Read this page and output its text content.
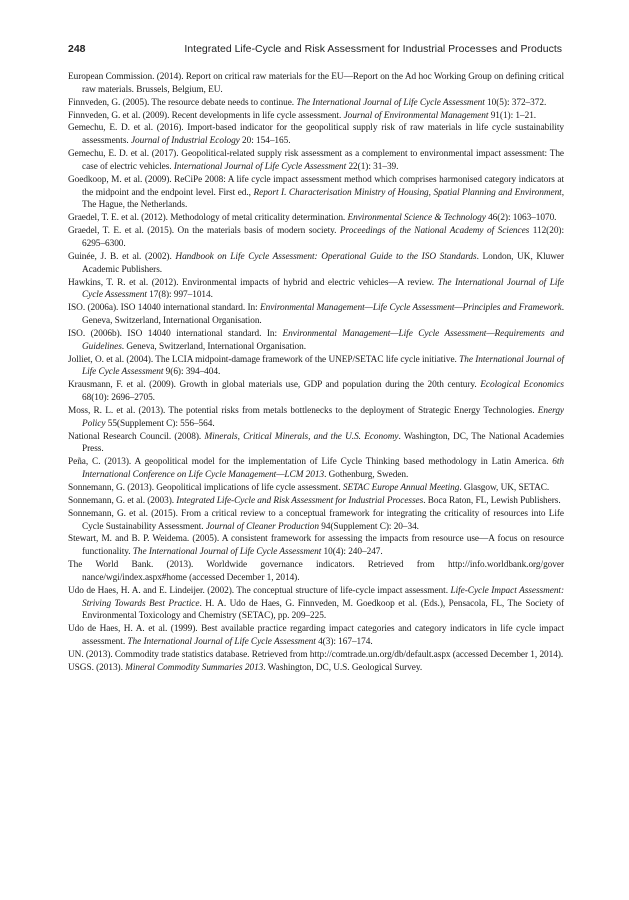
248	Integrated Life-Cycle and Risk Assessment for Industrial Processes and Products

European Commission. (2014). Report on critical raw materials for the EU—Report on the Ad hoc Working Group on defining critical raw materials. Brussels, Belgium, EU.

Finnveden, G. (2005). The resource debate needs to continue. The International Journal of Life Cycle Assessment 10(5): 372–372.

Finnveden, G. et al. (2009). Recent developments in life cycle assessment. Journal of Environmental Management 91(1): 1–21.

Gemechu, E. D. et al. (2016). Import-based indicator for the geopolitical supply risk of raw materials in life cycle sustainability assessments. Journal of Industrial Ecology 20: 154–165.

Gemechu, E. D. et al. (2017). Geopolitical-related supply risk assessment as a complement to environmental impact assessment: The case of electric vehicles. International Journal of Life Cycle Assessment 22(1): 31–39.

Goedkoop, M. et al. (2009). ReCiPe 2008: A life cycle impact assessment method which comprises harmonised category indicators at the midpoint and the endpoint level. First ed., Report I. Characterisation Ministry of Housing, Spatial Planning and Environment, The Hague, the Netherlands.

Graedel, T. E. et al. (2012). Methodology of metal criticality determination. Environmental Science & Technology 46(2): 1063–1070.

Graedel, T. E. et al. (2015). On the materials basis of modern society. Proceedings of the National Academy of Sciences 112(20): 6295–6300.

Guinée, J. B. et al. (2002). Handbook on Life Cycle Assessment: Operational Guide to the ISO Standards. London, UK, Kluwer Academic Publishers.

Hawkins, T. R. et al. (2012). Environmental impacts of hybrid and electric vehicles—A review. The International Journal of Life Cycle Assessment 17(8): 997–1014.

ISO. (2006a). ISO 14040 international standard. In: Environmental Management—Life Cycle Assessment—Principles and Framework. Geneva, Switzerland, International Organisation.

ISO. (2006b). ISO 14040 international standard. In: Environmental Management—Life Cycle Assessment—Requirements and Guidelines. Geneva, Switzerland, International Organisation.

Jolliet, O. et al. (2004). The LCIA midpoint-damage framework of the UNEP/SETAC life cycle initiative. The International Journal of Life Cycle Assessment 9(6): 394–404.

Krausmann, F. et al. (2009). Growth in global materials use, GDP and population during the 20th century. Ecological Economics 68(10): 2696–2705.

Moss, R. L. et al. (2013). The potential risks from metals bottlenecks to the deployment of Strategic Energy Technologies. Energy Policy 55(Supplement C): 556–564.

National Research Council. (2008). Minerals, Critical Minerals, and the U.S. Economy. Washington, DC, The National Academies Press.

Peña, C. (2013). A geopolitical model for the implementation of Life Cycle Thinking based methodology in Latin America. 6th International Conference on Life Cycle Management—LCM 2013. Gothenburg, Sweden.

Sonnemann, G. (2013). Geopolitical implications of life cycle assessment. SETAC Europe Annual Meeting. Glasgow, UK, SETAC.

Sonnemann, G. et al. (2003). Integrated Life-Cycle and Risk Assessment for Industrial Processes. Boca Raton, FL, Lewish Publishers.

Sonnemann, G. et al. (2015). From a critical review to a conceptual framework for integrating the criticality of resources into Life Cycle Sustainability Assessment. Journal of Cleaner Production 94(Supplement C): 20–34.

Stewart, M. and B. P. Weidema. (2005). A consistent framework for assessing the impacts from resource use—A focus on resource functionality. The International Journal of Life Cycle Assessment 10(4): 240–247.

The World Bank. (2013). Worldwide governance indicators. Retrieved from http://info.worldbank.org/gover nance/wgi/index.aspx#home (accessed December 1, 2014).

Udo de Haes, H. A. and E. Lindeijer. (2002). The conceptual structure of life-cycle impact assessment. Life-Cycle Impact Assessment: Striving Towards Best Practice. H. A. Udo de Haes, G. Finnveden, M. Goedkoop et al. (Eds.), Pensacola, FL, The Society of Environmental Toxicology and Chemistry (SETAC), pp. 209–225.

Udo de Haes, H. A. et al. (1999). Best available practice regarding impact categories and category indicators in life cycle impact assessment. The International Journal of Life Cycle Assessment 4(3): 167–174.

UN. (2013). Commodity trade statistics database. Retrieved from http://comtrade.un.org/db/default.aspx (accessed December 1, 2014).

USGS. (2013). Mineral Commodity Summaries 2013. Washington, DC, U.S. Geological Survey.
